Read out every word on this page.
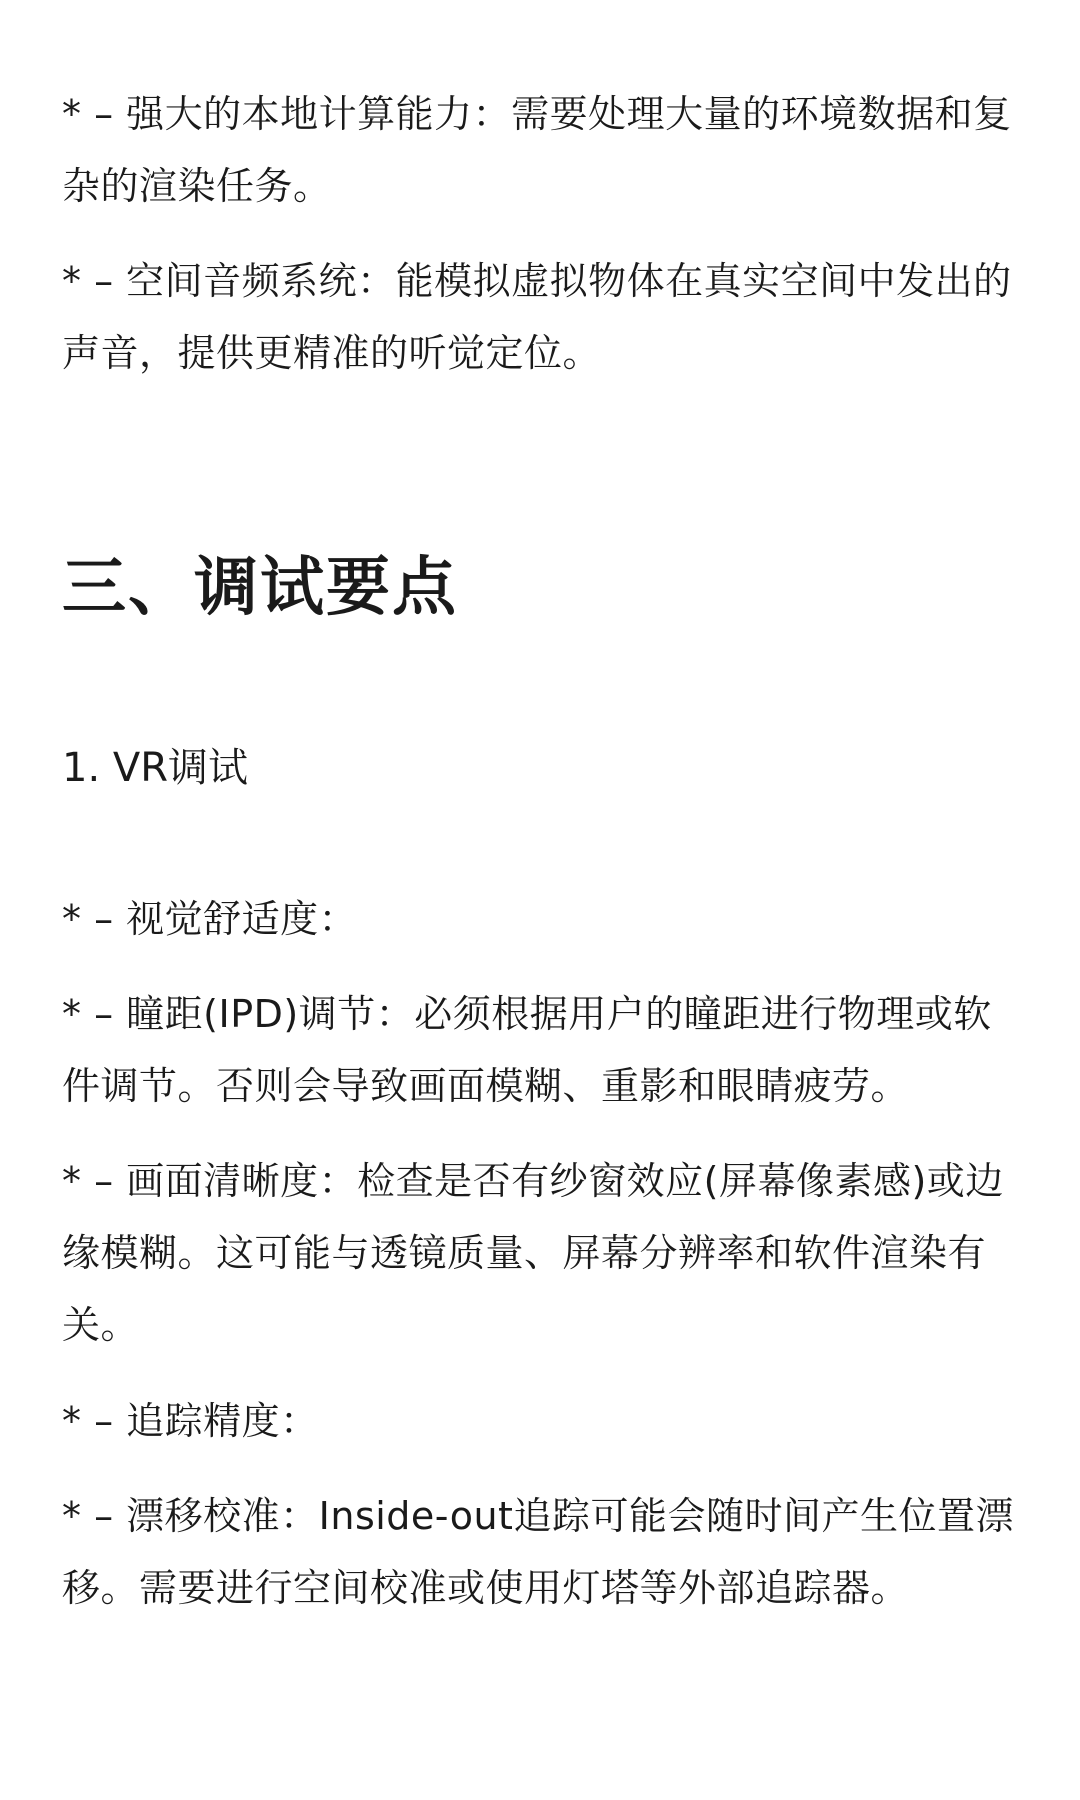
* – 强大的本地计算能力：需要处理大量的环境数据和复杂的渲染任务。

* – 空间音频系统：能模拟虚拟物体在真实空间中发出的声音，提供更精准的听觉定位。

三、调试要点

1. VR调试

* – 视觉舒适度：

* – 瞳距(IPD)调节：必须根据用户的瞳距进行物理或软件调节。否则会导致画面模糊、重影和眼睛疲劳。

* – 画面清晰度：检查是否有纱窗效应(屏幕像素感)或边缘模糊。这可能与透镜质量、屏幕分辨率和软件渲染有关。

* – 追踪精度：

* – 漂移校准：Inside-out追踪可能会随时间产生位置漂移。需要进行空间校准或使用灯塔等外部追踪器。
